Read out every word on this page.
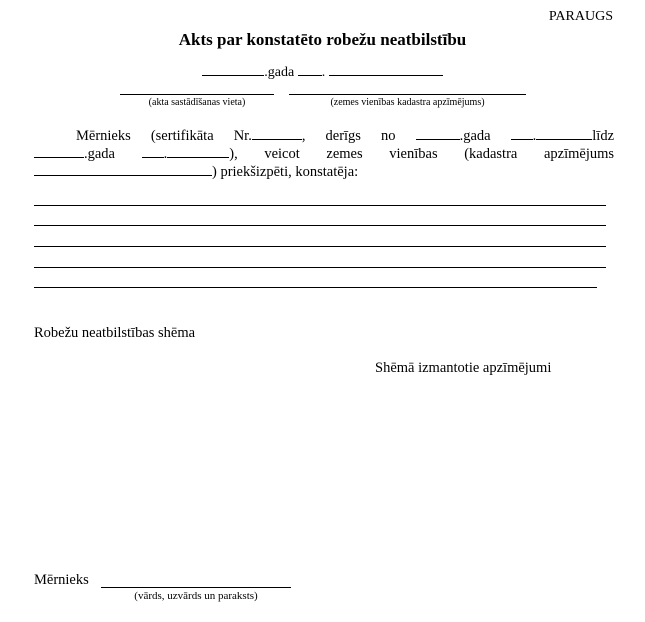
PARAUGS
Akts par konstatēto robežu neatbilstību
.gada .
(akta sastādīšanas vieta)	(zemes vienības kadastra apzīmējums)
Mērnieks (sertifikāta Nr.	, derīgs no	.gada	.	līdz
.gada	.	), veicot zemes vienības (kadastra apzīmējums
) priekšizpēti, konstatēja:
Robežu neatbilstības shēma
Shēmā izmantotie apzīmējumi
Mērnieks
(vārds, uzvārds un paraksts)
